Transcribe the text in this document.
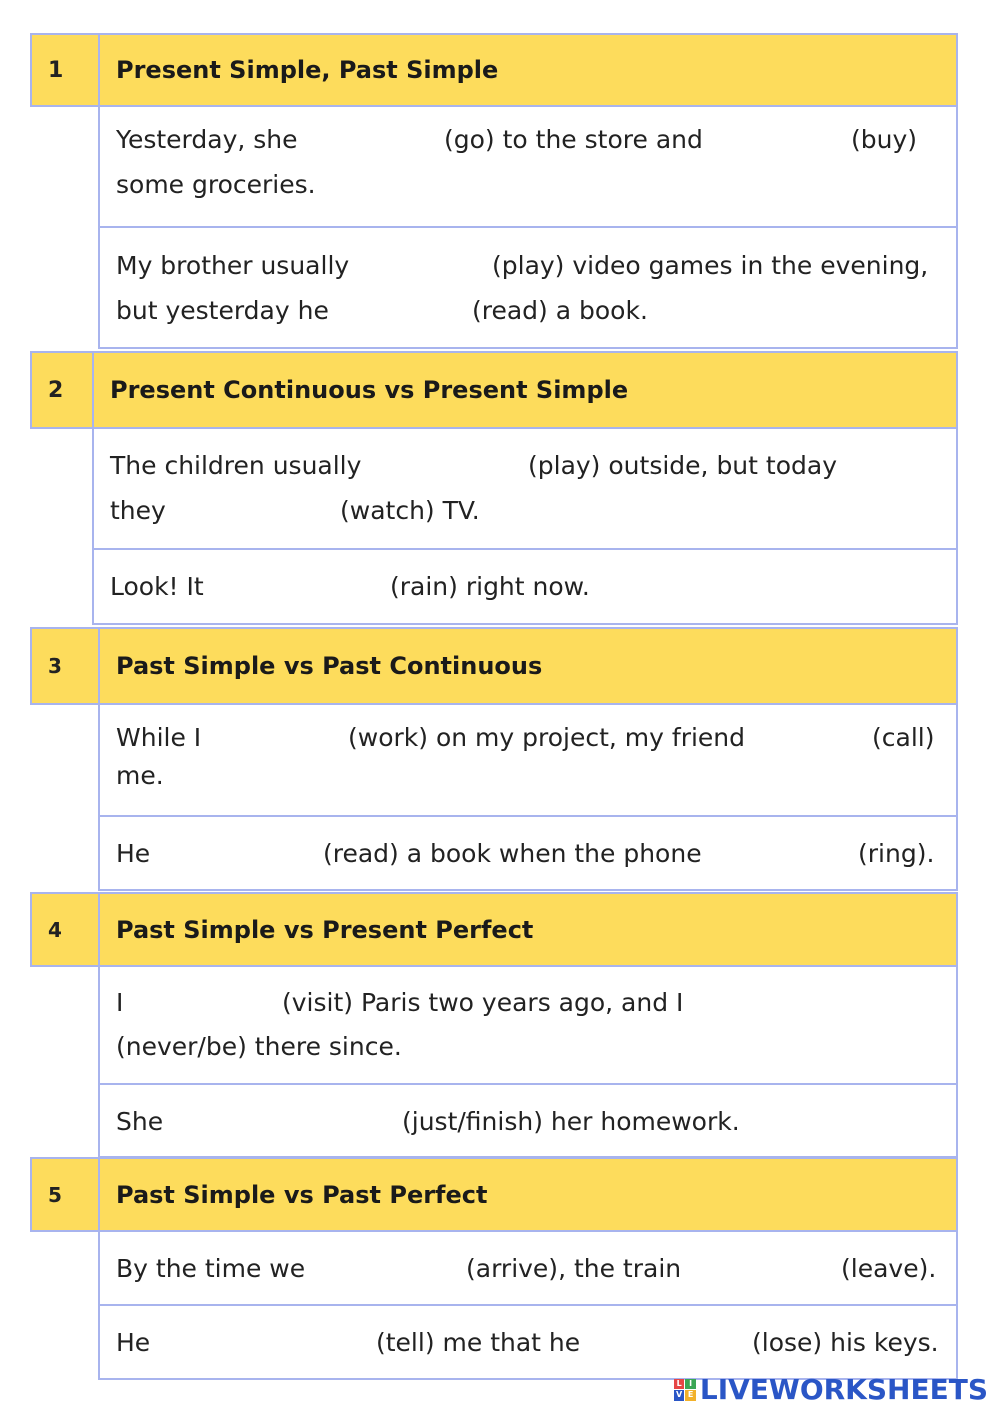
1	Present Simple, Past Simple
Yesterday, she	(go) to the store and	(buy)
some groceries.
My brother usually	(play) video games in the evening,
but yesterday he	(read) a book.
2	Present Continuous vs Present Simple
The children usually	(play) outside, but today
they	(watch) TV.
Look! It	(rain) right now.
3	Past Simple vs Past Continuous
While I	(work) on my project, my friend	(call)
me.
He	(read) a book when the phone	(ring).
4	Past Simple vs Present Perfect
I	(visit) Paris two years ago, and I
(never/be) there since.
She	(just/finish) her homework.
5	Past Simple vs Past Perfect
By the time we	(arrive), the train	(leave).
He	(tell) me that he	(lose) his keys.
L I
V E LIVEWORKSHEETS
